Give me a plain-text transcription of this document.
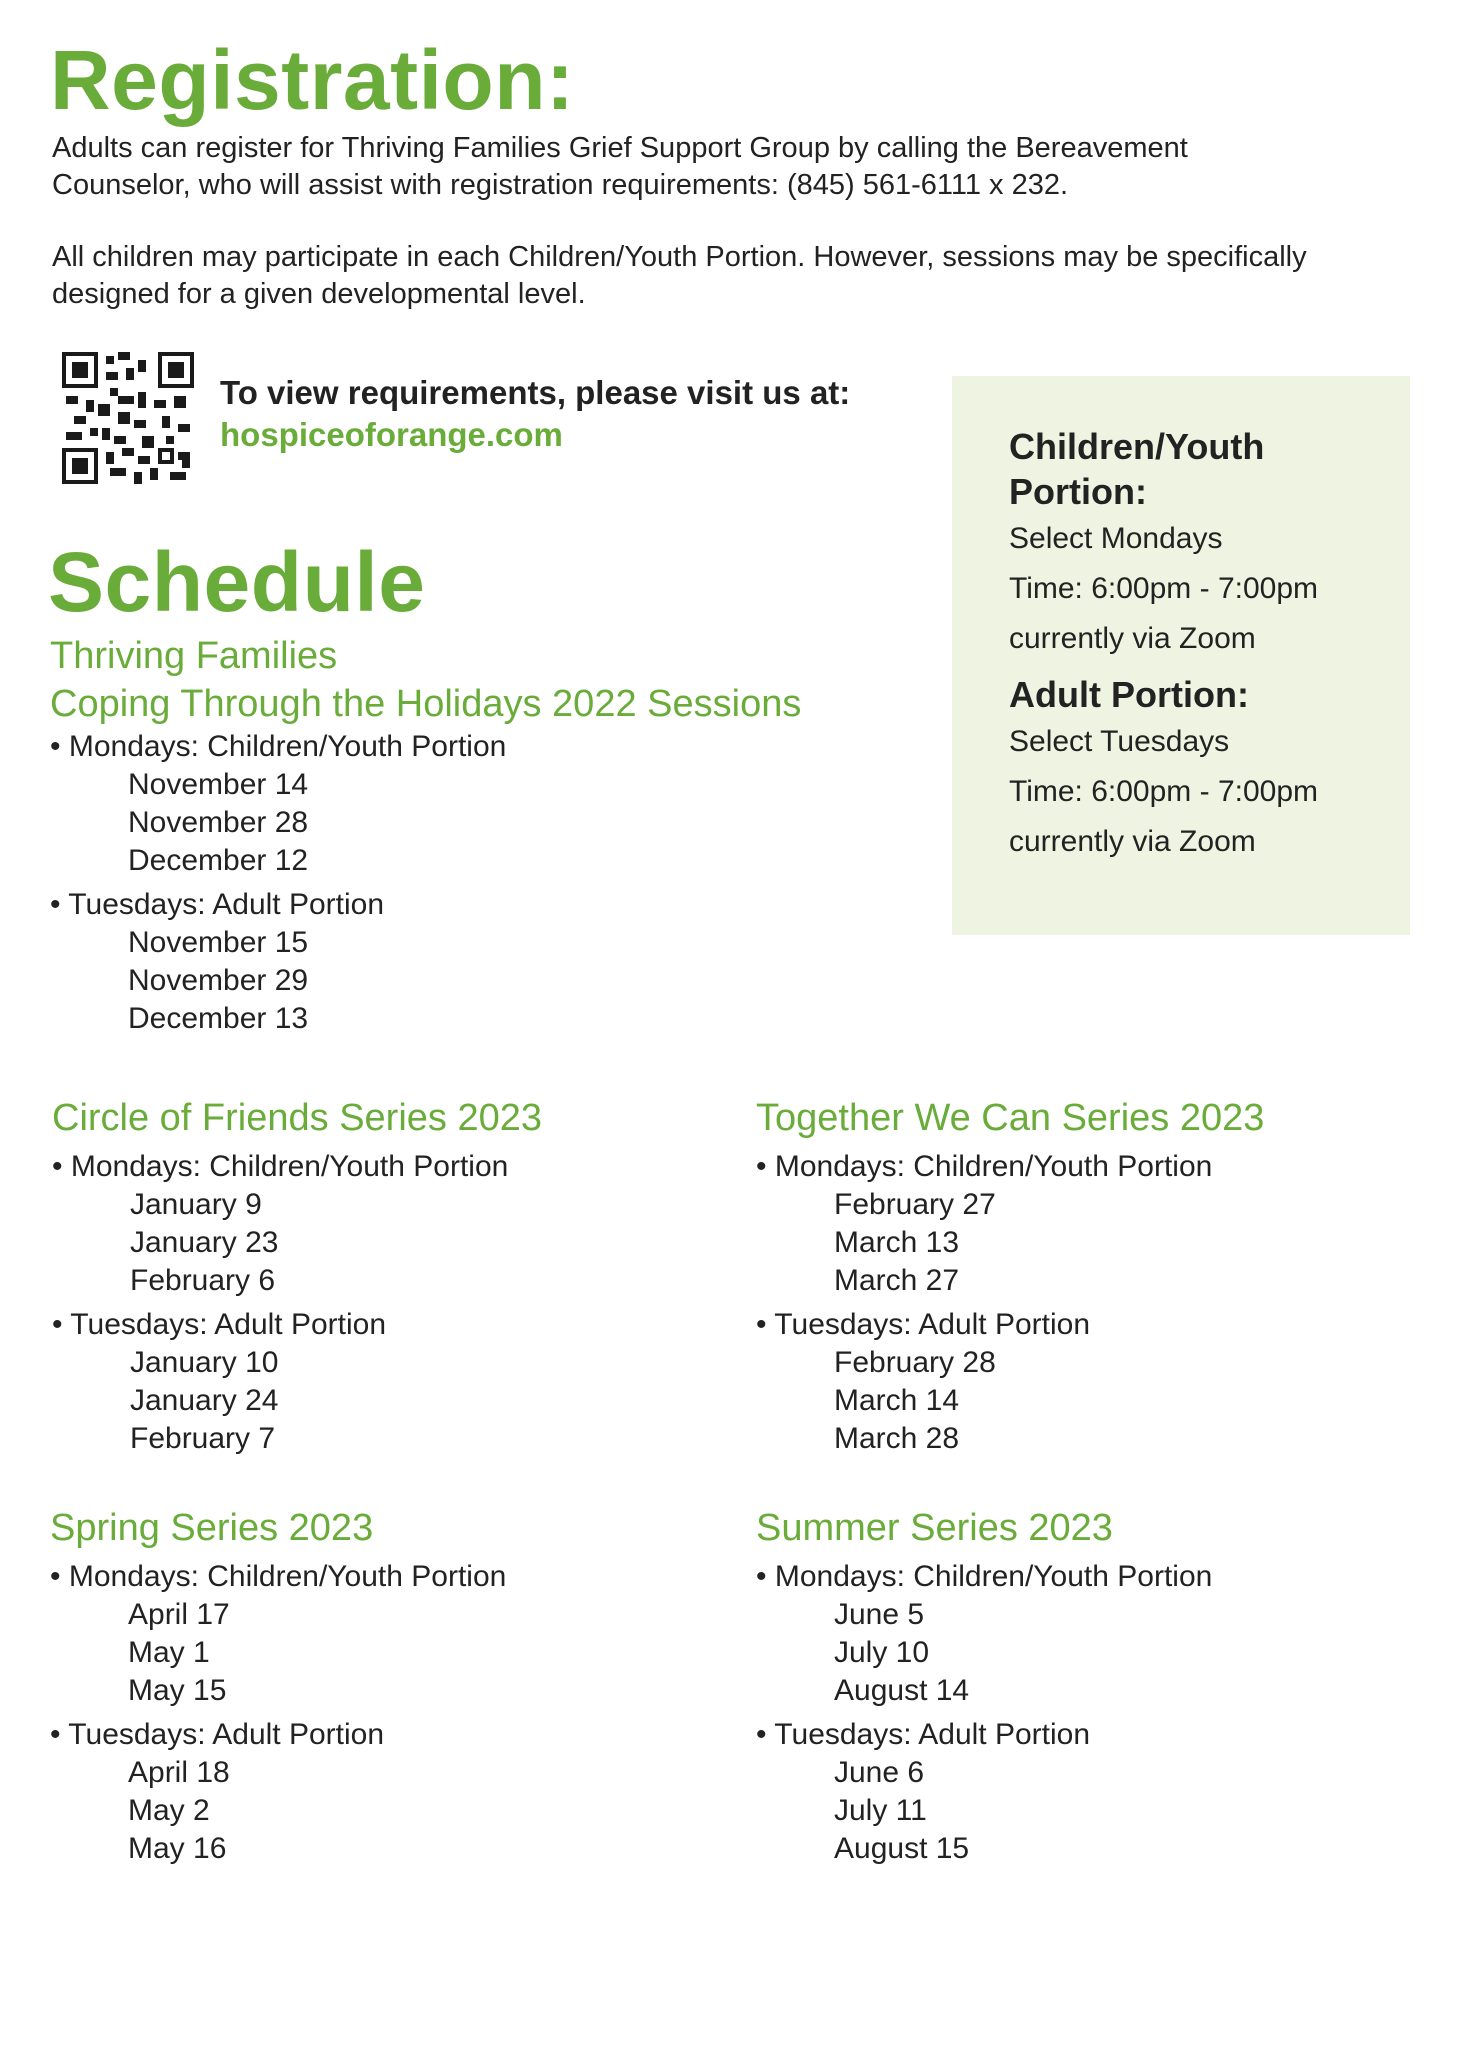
Registration:

Adults can register for Thriving Families Grief Support Group by calling the Bereavement

Counselor, who will assist with registration requirements: (845) 561-6111 x 232.

All children may participate in each Children/Youth Portion. However, sessions may be specifically

designed for a given developmental level.

To view requirements, please visit us at:
hospiceoforange.com	Children/Youth
Portion:
Select Mondays
Time: 6:00pm - 7:00pm
currently via Zoom
Adult Portion:
Select Tuesdays
Time: 6:00pm - 7:00pm
currently via Zoom
Schedule
Thriving Families
Coping Through the Holidays 2022 Sessions
• Mondays: Children/Youth Portion
November 14
November 28
December 12
• Tuesdays: Adult Portion
November 15
November 29
December 13
Circle of Friends Series 2023
• Mondays: Children/Youth Portion
January 9
January 23
February 6
• Tuesdays: Adult Portion
January 10
January 24
February 7
Together We Can Series 2023
• Mondays: Children/Youth Portion
February 27
March 13
March 27
• Tuesdays: Adult Portion
February 28
March 14
March 28
Spring Series 2023
• Mondays: Children/Youth Portion
April 17
May 1
May 15
• Tuesdays: Adult Portion
April 18
May 2
May 16
Summer Series 2023
• Mondays: Children/Youth Portion
June 5
July 10
August 14
• Tuesdays: Adult Portion
June 6
July 11
August 15
